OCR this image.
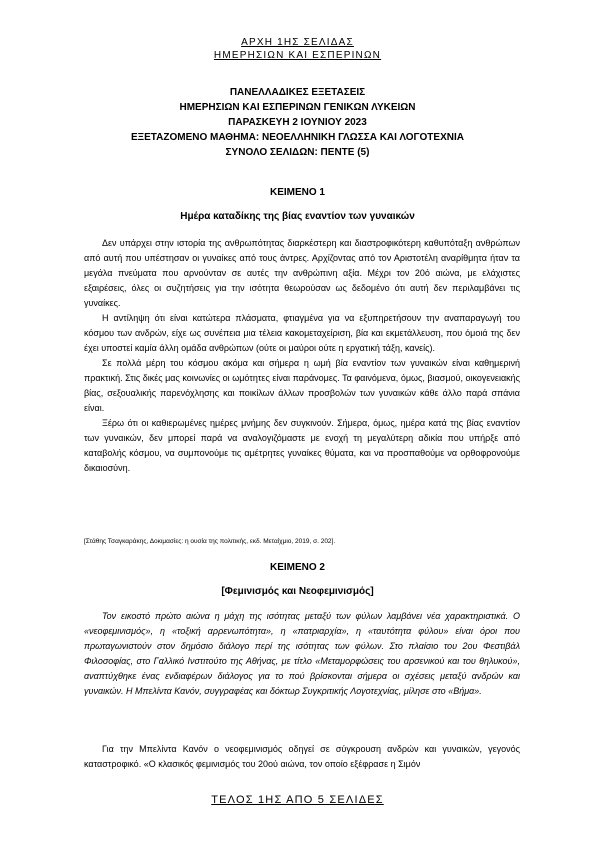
ΑΡΧΗ 1ΗΣ ΣΕΛΙΔΑΣ
ΗΜΕΡΗΣΙΩΝ ΚΑΙ ΕΣΠΕΡΙΝΩΝ
ΠΑΝΕΛΛΑΔΙΚΕΣ ΕΞΕΤΑΣΕΙΣ
ΗΜΕΡΗΣΙΩΝ ΚΑΙ ΕΣΠΕΡΙΝΩΝ ΓΕΝΙΚΩΝ ΛΥΚΕΙΩΝ
ΠΑΡΑΣΚΕΥΗ 2 ΙΟΥΝΙΟΥ 2023
ΕΞΕΤΑΖΟΜΕΝΟ ΜΑΘΗΜΑ: ΝΕΟΕΛΛΗΝΙΚΗ ΓΛΩΣΣΑ ΚΑΙ ΛΟΓΟΤΕΧΝΙΑ
ΣΥΝΟΛΟ ΣΕΛΙΔΩΝ: ΠΕΝΤΕ (5)
ΚΕΙΜΕΝΟ 1
Ημέρα καταδίκης της βίας εναντίον των γυναικών

Δεν υπάρχει στην ιστορία της ανθρωπότητας διαρκέστερη και διαστροφικότερη καθυπόταξη ανθρώπων από αυτή που υπέστησαν οι γυναίκες από τους άντρες. Αρχίζοντας από τον Αριστοτέλη αναρίθμητα ήταν τα μεγάλα πνεύματα που αρνούνταν σε αυτές την ανθρώπινη αξία. Μέχρι τον 20ό αιώνα, με ελάχιστες εξαιρέσεις, όλες οι συζητήσεις για την ισότητα θεωρούσαν ως δεδομένο ότι αυτή δεν περιλαμβάνει τις γυναίκες.

Η αντίληψη ότι είναι κατώτερα πλάσματα, φτιαγμένα για να εξυπηρετήσουν την αναπαραγωγή του κόσμου των ανδρών, είχε ως συνέπεια μια τέλεια κακομεταχείριση, βία και εκμετάλλευση, που όμοιά της δεν έχει υποστεί καμία άλλη ομάδα ανθρώπων (ούτε οι μαύροι ούτε η εργατική τάξη, κανείς).

Σε πολλά μέρη του κόσμου ακόμα και σήμερα η ωμή βία εναντίον των γυναικών είναι καθημερινή πρακτική. Στις δικές μας κοινωνίες οι ωμότητες είναι παράνομες. Τα φαινόμενα, όμως, βιασμού, οικογενειακής βίας, σεξουαλικής παρενόχλησης και ποικίλων άλλων προσβολών των γυναικών κάθε άλλο παρά σπάνια είναι.

Ξέρω ότι οι καθιερωμένες ημέρες μνήμης δεν συγκινούν. Σήμερα, όμως, ημέρα κατά της βίας εναντίον των γυναικών, δεν μπορεί παρά να αναλογιζόμαστε με ενοχή τη μεγαλύτερη αδικία που υπήρξε από καταβολής κόσμου, να συμπονούμε τις αμέτρητες γυναίκες θύματα, και να προσπαθούμε να ορθοφρονούμε δικαιοσύνη.

[Στάθης Τσαγκαράκης, Δοκιμασίες: η ουσία της πολιτικής, εκδ. Μεταίχμιο, 2019, σ. 202].
ΚΕΙΜΕΝΟ 2
[Φεμινισμός και Νεοφεμινισμός]

Τον εικοστό πρώτο αιώνα η μάχη της ισότητας μεταξύ των φύλων λαμβάνει νέα χαρακτηριστικά. Ο «νεοφεμινισμός», η «τοξική αρρενωπότητα», η «πατριαρχία», η «ταυτότητα φύλου» είναι όροι που πρωταγωνιστούν στον δημόσιο διάλογο περί της ισότητας των φύλων. Στο πλαίσιο του 2ου Φεστιβάλ Φιλοσοφίας, στο Γαλλικό Ινστιτούτο της Αθήνας, με τίτλο «Μεταμορφώσεις του αρσενικού και του θηλυκού», αναπτύχθηκε ένας ενδιαφέρων διάλογος για το πού βρίσκονται σήμερα οι σχέσεις μεταξύ ανδρών και γυναικών. Η Μπελίντα Κανόν, συγγραφέας και δόκτωρ Συγκριτικής Λογοτεχνίας, μίλησε στο «Βήμα».

Για την Μπελίντα Κανόν ο νεοφεμινισμός οδηγεί σε σύγκρουση ανδρών και γυναικών, γεγονός καταστροφικό. «Ο κλασικός φεμινισμός του 20ού αιώνα, τον οποίο εξέφρασε η Σιμόν

ΤΕΛΟΣ 1ΗΣ ΑΠΟ 5 ΣΕΛΙΔΕΣ
